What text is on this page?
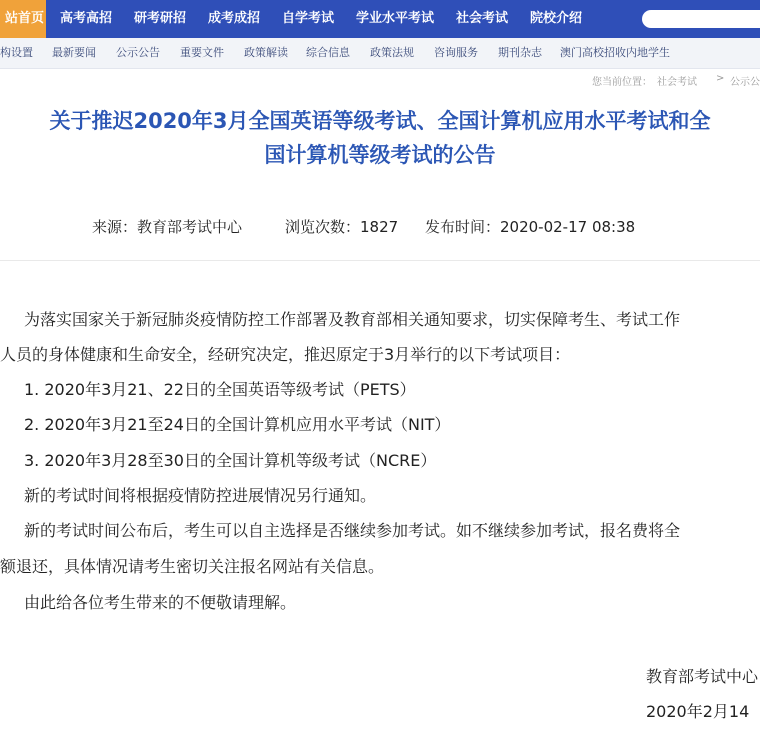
站首页 高考高招 研考研招 成考成招 自学考试 学业水平考试 社会考试 院校介绍
构设置 最新要闻 公示公告 重要文件 政策解读 综合信息 政策法规 咨询服务 期刊杂志 澳门高校招收内地学生
您当前位置： 社会考试 > 公示公
关于推迟2020年3月全国英语等级考试、全国计算机应用水平考试和全
国计算机等级考试的公告
来源：教育部考试中心	浏览次数：1827 发布时间：2020-02-17 08:38
为落实国家关于新冠肺炎疫情防控工作部署及教育部相关通知要求，切实保障考生、考试工作
人员的身体健康和生命安全，经研究决定，推迟原定于3月举行的以下考试项目：
1. 2020年3月21、22日的全国英语等级考试（PETS）
2. 2020年3月21至24日的全国计算机应用水平考试（NIT）
3. 2020年3月28至30日的全国计算机等级考试（NCRE）
新的考试时间将根据疫情防控进展情况另行通知。
新的考试时间公布后，考生可以自主选择是否继续参加考试。如不继续参加考试，报名费将全
额退还，具体情况请考生密切关注报名网站有关信息。
由此给各位考生带来的不便敬请理解。
教育部考试中心
2020年2月14
